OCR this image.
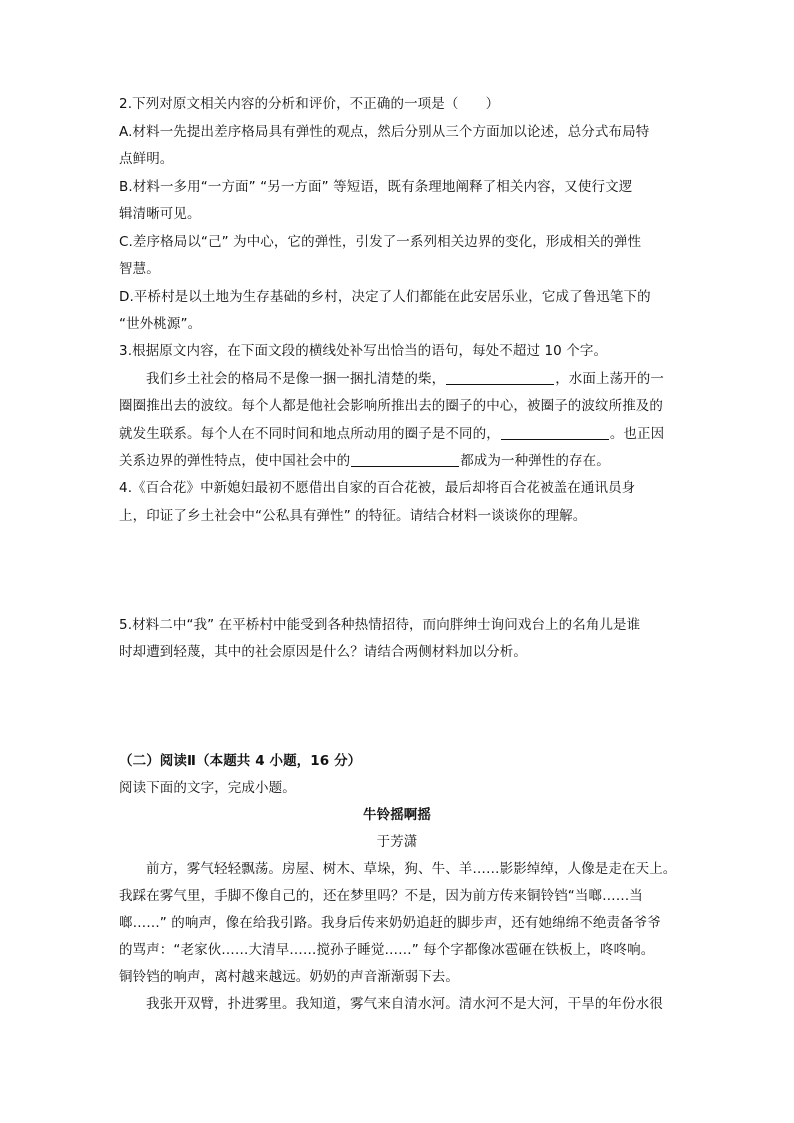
2.下列对原文相关内容的分析和评价，不正确的一项是（　　）
A.材料一先提出差序格局具有弹性的观点，然后分别从三个方面加以论述，总分式布局特
点鲜明。
B.材料一多用“一方面” “另一方面” 等短语，既有条理地阐释了相关内容，又使行文逻
辑清晰可见。
C.差序格局以“己” 为中心，它的弹性，引发了一系列相关边界的变化，形成相关的弹性
智慧。
D.平桥村是以土地为生存基础的乡村，决定了人们都能在此安居乐业，它成了鲁迅笔下的
“世外桃源”。
3.根据原文内容，在下面文段的横线处补写出恰当的语句，每处不超过 10 个字。
我们乡土社会的格局不是像一捆一捆扎清楚的柴，	，水面上荡开的一
圈圈推出去的波纹。每个人都是他社会影响所推出去的圈子的中心，被圈子的波纹所推及的
就发生联系。每个人在不同时间和地点所动用的圈子是不同的，	。也正因
关系边界的弹性特点，使中国社会中的	都成为一种弹性的存在。
4.《百合花》中新媳妇最初不愿借出自家的百合花被，最后却将百合花被盖在通讯员身
上，印证了乡土社会中“公私具有弹性” 的特征。请结合材料一谈谈你的理解。
5.材料二中“我” 在平桥村中能受到各种热情招待，而向胖绅士询问戏台上的名角儿是谁
时却遭到轻蔑，其中的社会原因是什么？请结合两侧材料加以分析。
（二）阅读Ⅱ（本题共 4 小题，16 分）
阅读下面的文字，完成小题。
牛铃摇啊摇
于芳潇
前方，雾气轻轻飘荡。房屋、树木、草垛，狗、牛、羊……影影绰绰，人像是走在天上。
我踩在雾气里，手脚不像自己的，还在梦里吗？不是，因为前方传来铜铃铛“当啷……当
啷……” 的响声，像在给我引路。我身后传来奶奶追赶的脚步声，还有她绵绵不绝责备爷爷
的骂声：“老家伙……大清早……搅孙子睡觉……” 每个字都像冰雹砸在铁板上，咚咚响。
铜铃铛的响声，离村越来越远。奶奶的声音渐渐弱下去。
我张开双臂，扑进雾里。我知道，雾气来自清水河。清水河不是大河，干旱的年份水很
